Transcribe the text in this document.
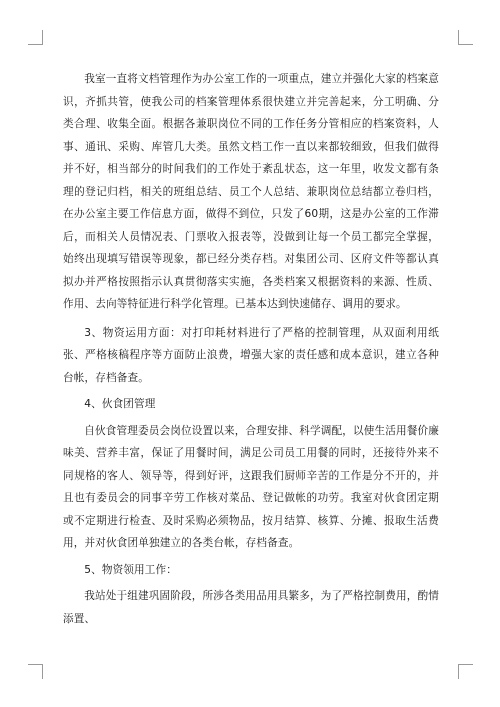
我室一直将文档管理作为办公室工作的一项重点，建立并强化大家的档案意识，齐抓共管，使我公司的档案管理体系很快建立并完善起来，分工明确、分类合理、收集全面。根据各兼职岗位不同的工作任务分管相应的档案资料，人事、通讯、采购、库管几大类。虽然文档工作一直以来都较细致，但我们做得并不好，相当部分的时间我们的工作处于紊乱状态，这一年里，收发文都有条理的登记归档，相关的班组总结、员工个人总结、兼职岗位总结都立卷归档，在办公室主要工作信息方面，做得不到位，只发了60期，这是办公室的工作滞后，而相关人员情况表、门票收入报表等，没做到让每一个员工都完全掌握，始终出现填写错误等现象，都已经分类存档。对集团公司、区府文件等都认真拟办并严格按照指示认真贯彻落实实施，各类档案又根据资料的来源、性质、作用、去向等特征进行科学化管理。已基本达到快速储存、调用的要求。

3、物资运用方面：对打印耗材料进行了严格的控制管理，从双面利用纸张、严格核稿程序等方面防止浪费，增强大家的责任感和成本意识，建立各种台帐，存档备查。

4、伙食团管理

自伙食管理委员会岗位设置以来，合理安排、科学调配，以使生活用餐价廉味美、营养丰富，保证了用餐时间，满足公司员工用餐的同时，还接待外来不同规格的客人、领导等，得到好评，这跟我们厨师辛苦的工作是分不开的，并且也有委员会的同事辛劳工作核对菜品、登记做帐的功劳。我室对伙食团定期或不定期进行检查、及时采购必须物品，按月结算、核算、分摊、报取生活费用，并对伙食团单独建立的各类台帐，存档备查。

5、物资领用工作：

我站处于组建巩固阶段，所涉各类用品用具繁多，为了严格控制费用，酌情添置、
